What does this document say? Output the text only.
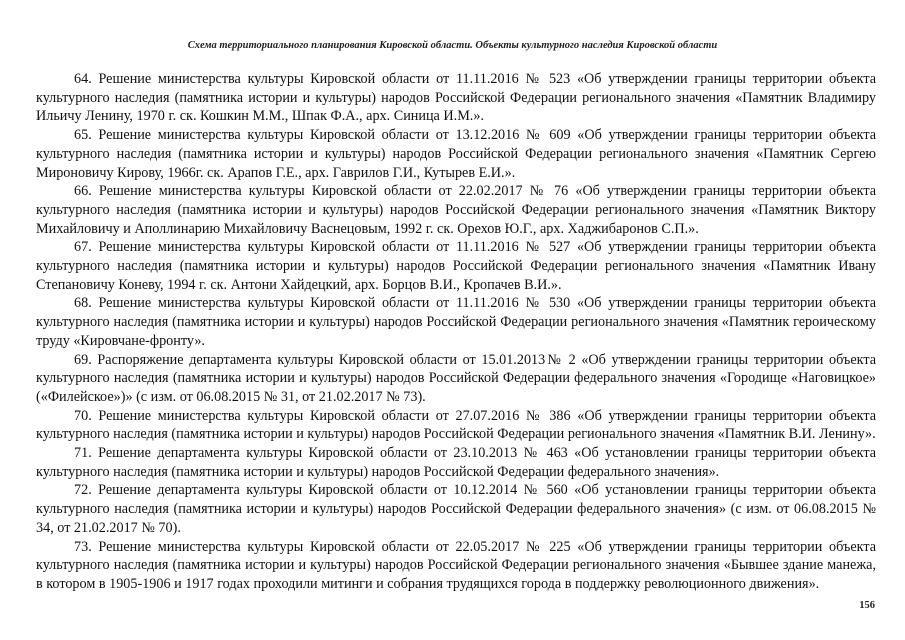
Схема территориального планирования Кировской области. Объекты культурного наследия Кировской области

64. Решение министерства культуры Кировской области от 11.11.2016 № 523 «Об утверждении границы территории объекта культурного наследия (памятника истории и культуры) народов Российской Федерации регионального значения «Памятник Владимиру Ильичу Ленину, 1970 г. ск. Кошкин М.М., Шпак Ф.А., арх. Синица И.М.».

65. Решение министерства культуры Кировской области от 13.12.2016 № 609 «Об утверждении границы территории объекта культурного наследия (памятника истории и культуры) народов Российской Федерации регионального значения «Памятник Сергею Мироновичу Кирову, 1966г. ск. Арапов Г.Е., арх. Гаврилов Г.И., Кутырев Е.И.».

66. Решение министерства культуры Кировской области от 22.02.2017 № 76 «Об утверждении границы территории объекта культурного наследия (памятника истории и культуры) народов Российской Федерации регионального значения «Памятник Виктору Михайловичу и Аполлинарию Михайловичу Васнецовым, 1992 г. ск. Орехов Ю.Г., арх. Хаджибаронов С.П.».

67. Решение министерства культуры Кировской области от 11.11.2016 № 527 «Об утверждении границы территории объекта культурного наследия (памятника истории и культуры) народов Российской Федерации регионального значения «Памятник Ивану Степановичу Коневу, 1994 г. ск. Антони Хайдецкий, арх. Борцов В.И., Кропачев В.И.».

68. Решение министерства культуры Кировской области от 11.11.2016 № 530 «Об утверждении границы территории объекта культурного наследия (памятника истории и культуры) народов Российской Федерации регионального значения «Памятник героическому труду «Кировчане-фронту».

69. Распоряжение департамента культуры Кировской области от 15.01.2013№ 2 «Об утверждении границы территории объекта культурного наследия (памятника истории и культуры) народов Российской Федерации федерального значения «Городище «Наговицкое» («Филейское»)» (с изм. от 06.08.2015 № 31, от 21.02.2017 № 73).

70. Решение министерства культуры Кировской области от 27.07.2016 № 386 «Об утверждении границы территории объекта культурного наследия (памятника истории и культуры) народов Российской Федерации регионального значения «Памятник В.И. Ленину».

71. Решение департамента культуры Кировской области от 23.10.2013 № 463 «Об установлении границы территории объекта культурного наследия (памятника истории и культуры) народов Российской Федерации федерального значения».

72. Решение департамента культуры Кировской области от 10.12.2014 № 560 «Об установлении границы территории объекта культурного наследия (памятника истории и культуры) народов Российской Федерации федерального значения» (с изм. от 06.08.2015 № 34, от 21.02.2017 № 70).

73. Решение министерства культуры Кировской области от 22.05.2017 № 225 «Об утверждении границы территории объекта культурного наследия (памятника истории и культуры) народов Российской Федерации регионального значения «Бывшее здание манежа, в котором в 1905-1906 и 1917 годах проходили митинги и собрания трудящихся города в поддержку революционного движения».

156
